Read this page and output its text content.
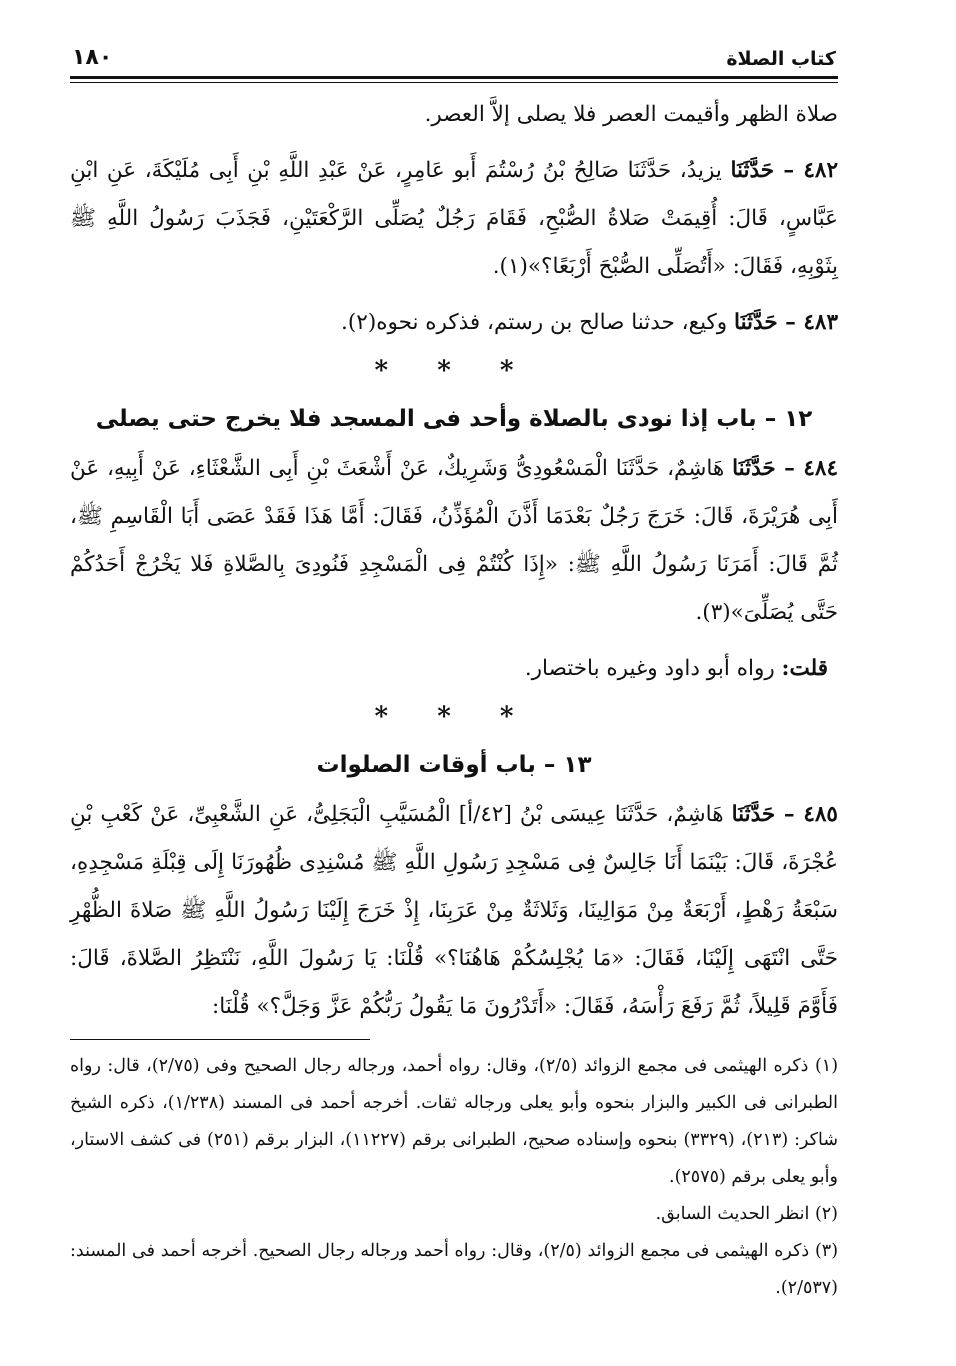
كتاب الصلاة
١٨٠

صلاة الظهر وأقيمت العصر فلا يصلى إلاَّ العصر.

٤٨٢ – حَدَّثَنَا يزيدُ، حَدَّثَنَا صَالِحُ بْنُ رُسْتُمَ أَبو عَامِرٍ، عَنْ عَبْدِ اللَّهِ بْنِ أَبِى مُلَيْكَةَ، عَنِ ابْنِ عَبَّاسٍ، قَالَ: أُقِيمَتْ صَلاةُ الصُّبْحِ، فَقَامَ رَجُلٌ يُصَلِّى الرَّكْعَتَيْنِ، فَجَذَبَ رَسُولُ اللَّهِ ﷺ بِثَوْبِهِ، فَقَالَ: «أَتُصَلِّى الصُّبْحَ أَرْبَعًا؟»(١).

٤٨٣ – حَدَّثَنَا وكيع، حدثنا صالح بن رستم، فذكره نحوه(٢).

* * *
١٢ – باب إذا نودى بالصلاة وأحد فى المسجد فلا يخرج حتى يصلى

٤٨٤ – حَدَّثَنَا هَاشِمٌ، حَدَّثَنَا الْمَسْعُودِىُّ وَشَرِيكٌ، عَنْ أَشْعَثَ بْنِ أَبِى الشَّعْثَاءِ، عَنْ أَبِيهِ، عَنْ أَبِى هُرَيْرَةَ، قَالَ: خَرَجَ رَجُلٌ بَعْدَمَا أَذَّنَ الْمُؤَذِّنُ، فَقَالَ: أَمَّا هَذَا فَقَدْ عَصَى أَبَا الْقَاسِمِ ﷺ، ثُمَّ قَالَ: أَمَرَنَا رَسُولُ اللَّهِ ﷺ: «إِذَا كُنْتُمْ فِى الْمَسْجِدِ فَنُودِىَ بِالصَّلاةِ فَلا يَخْرُجْ أَحَدُكُمْ حَتَّى يُصَلِّىَ»(٣).

قلت: رواه أبو داود وغيره باختصار.

* * *
١٣ – باب أوقات الصلوات

٤٨٥ – حَدَّثَنَا هَاشِمٌ، حَدَّثَنَا عِيسَى بْنُ [٤٢/أ] الْمُسَيَّبِ الْبَجَلِىُّ، عَنِ الشَّعْبِىِّ، عَنْ كَعْبِ بْنِ عُجْرَةَ، قَالَ: بَيْنَمَا أَنَا جَالِسٌ فِى مَسْجِدِ رَسُولِ اللَّهِ ﷺ مُسْنِدِى ظُهُورَنَا إِلَى قِبْلَةِ مَسْجِدِهِ، سَبْعَةُ رَهْطٍ، أَرْبَعَةٌ مِنْ مَوَالِينَا، وَثَلاثَةٌ مِنْ عَرَبِنَا، إِذْ خَرَجَ إِلَيْنَا رَسُولُ اللَّهِ ﷺ صَلاةَ الظُّهْرِ حَتَّى انْتَهَى إِلَيْنَا، فَقَالَ: «مَا يُجْلِسُكُمْ هَاهُنَا؟» قُلْنَا: يَا رَسُولَ اللَّهِ، نَنْتَظِرُ الصَّلاةَ، قَالَ: فَأَوَّمَ قَلِيلاً، ثُمَّ رَفَعَ رَأْسَهُ، فَقَالَ: «أَتَدْرُونَ مَا يَقُولُ رَبُّكُمْ عَزَّ وَجَلَّ؟» قُلْنَا:

(١) ذكره الهيثمى فى مجمع الزوائد (٢/٥)، وقال: رواه أحمد، ورجاله رجال الصحيح وفى (٢/٧٥)، قال: رواه الطبرانى فى الكبير والبزار بنحوه وأبو يعلى ورجاله ثقات. أخرجه أحمد فى المسند (١/٢٣٨)، ذكره الشيخ شاكر: (٢١٣)، (٣٣٢٩) بنحوه وإسناده صحيح، الطبرانى برقم (١١٢٢٧)، البزار برقم (٢٥١) فى كشف الاستار، وأبو يعلى برقم (٢٥٧٥).

(٢) انظر الحديث السابق.

(٣) ذكره الهيثمى فى مجمع الزوائد (٢/٥)، وقال: رواه أحمد ورجاله رجال الصحيح. أخرجه أحمد فى المسند: (٢/٥٣٧).
